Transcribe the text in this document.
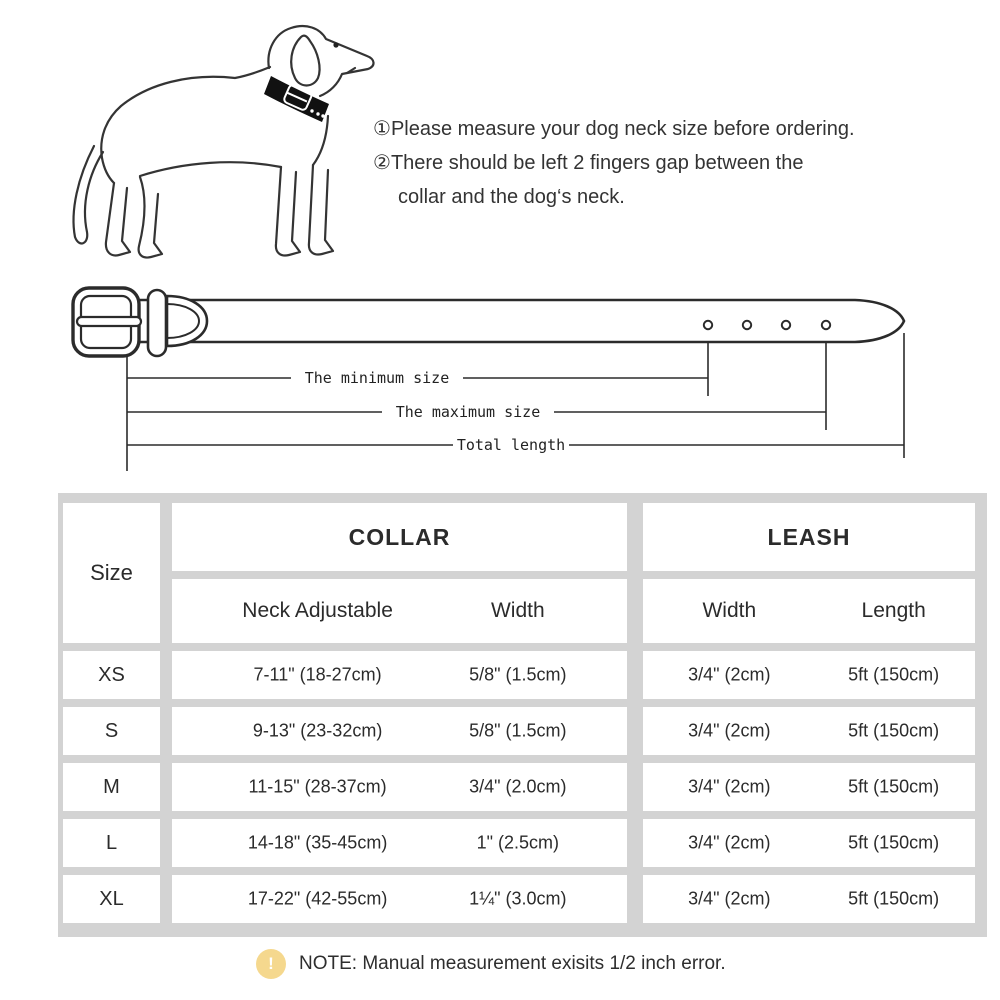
①Please measure your dog neck size before ordering.

②There should be left 2 fingers gap between the
collar and the dog‘s neck.

The minimum size
The maximum size
Total length
Size
COLLAR	LEASH
Neck Adjustable	Width	Width	Length
XS	7-11" (18-27cm)	5/8" (1.5cm)	3/4" (2cm)	5ft (150cm)
S	9-13" (23-32cm)	5/8" (1.5cm)	3/4" (2cm)	5ft (150cm)
M	11-15" (28-37cm)	3/4" (2.0cm)	3/4" (2cm)	5ft (150cm)
L	14-18" (35-45cm)	1" (2.5cm)	3/4" (2cm)	5ft (150cm)
XL	17-22" (42-55cm)	1¼" (3.0cm)	3/4" (2cm)	5ft (150cm)
!	NOTE: Manual measurement exisits 1/2 inch error.
